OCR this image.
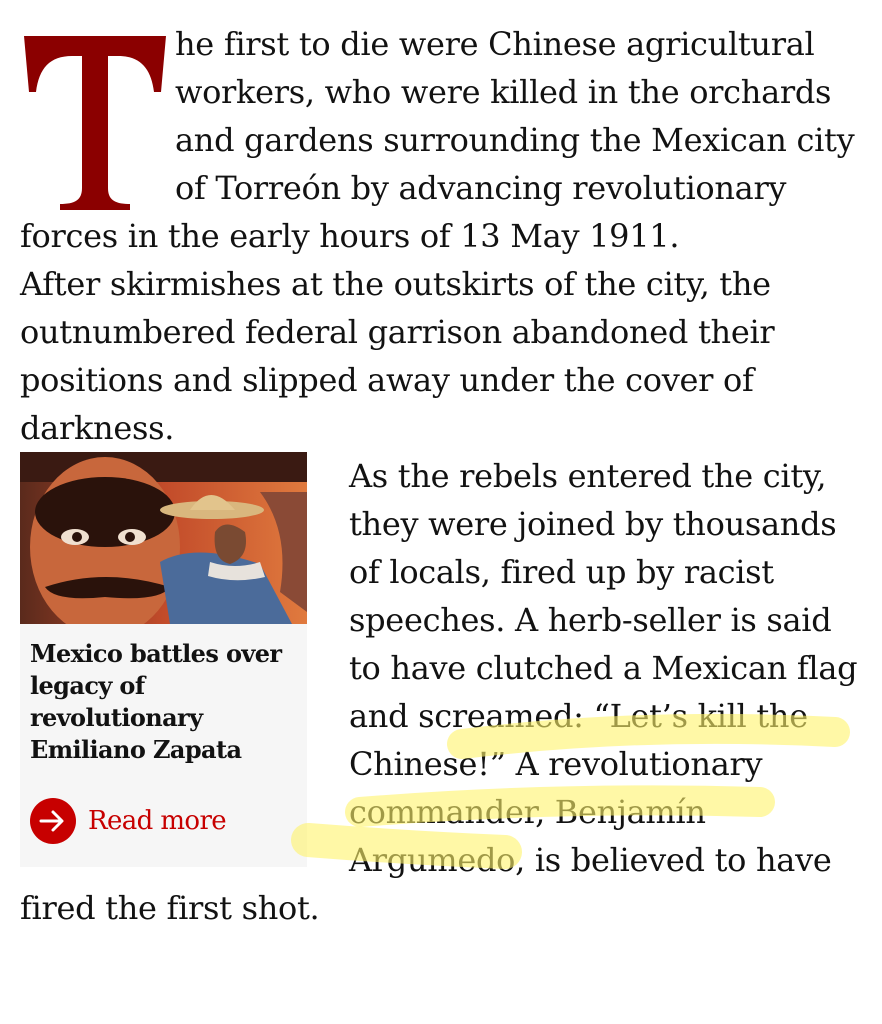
he first to die were Chinese agricultural workers, who were killed in the orchards and gardens surrounding the Mexican city of Torreón by advancing revolutionary forces in the early hours of 13 May 1911.

After skirmishes at the outskirts of the city, the outnumbered federal garrison abandoned their positions and slipped away under the cover of darkness.

Mexico battles over legacy of revolutionary Emiliano Zapata

Read more

As the rebels entered the city, they were joined by thousands of locals, fired up by racist speeches. A herb-seller is said to have clutched a Mexican flag and screamed: “Let’s kill the Chinese!” A revolutionary commander, Benjamín Argumedo, is believed to have fired the first shot.
